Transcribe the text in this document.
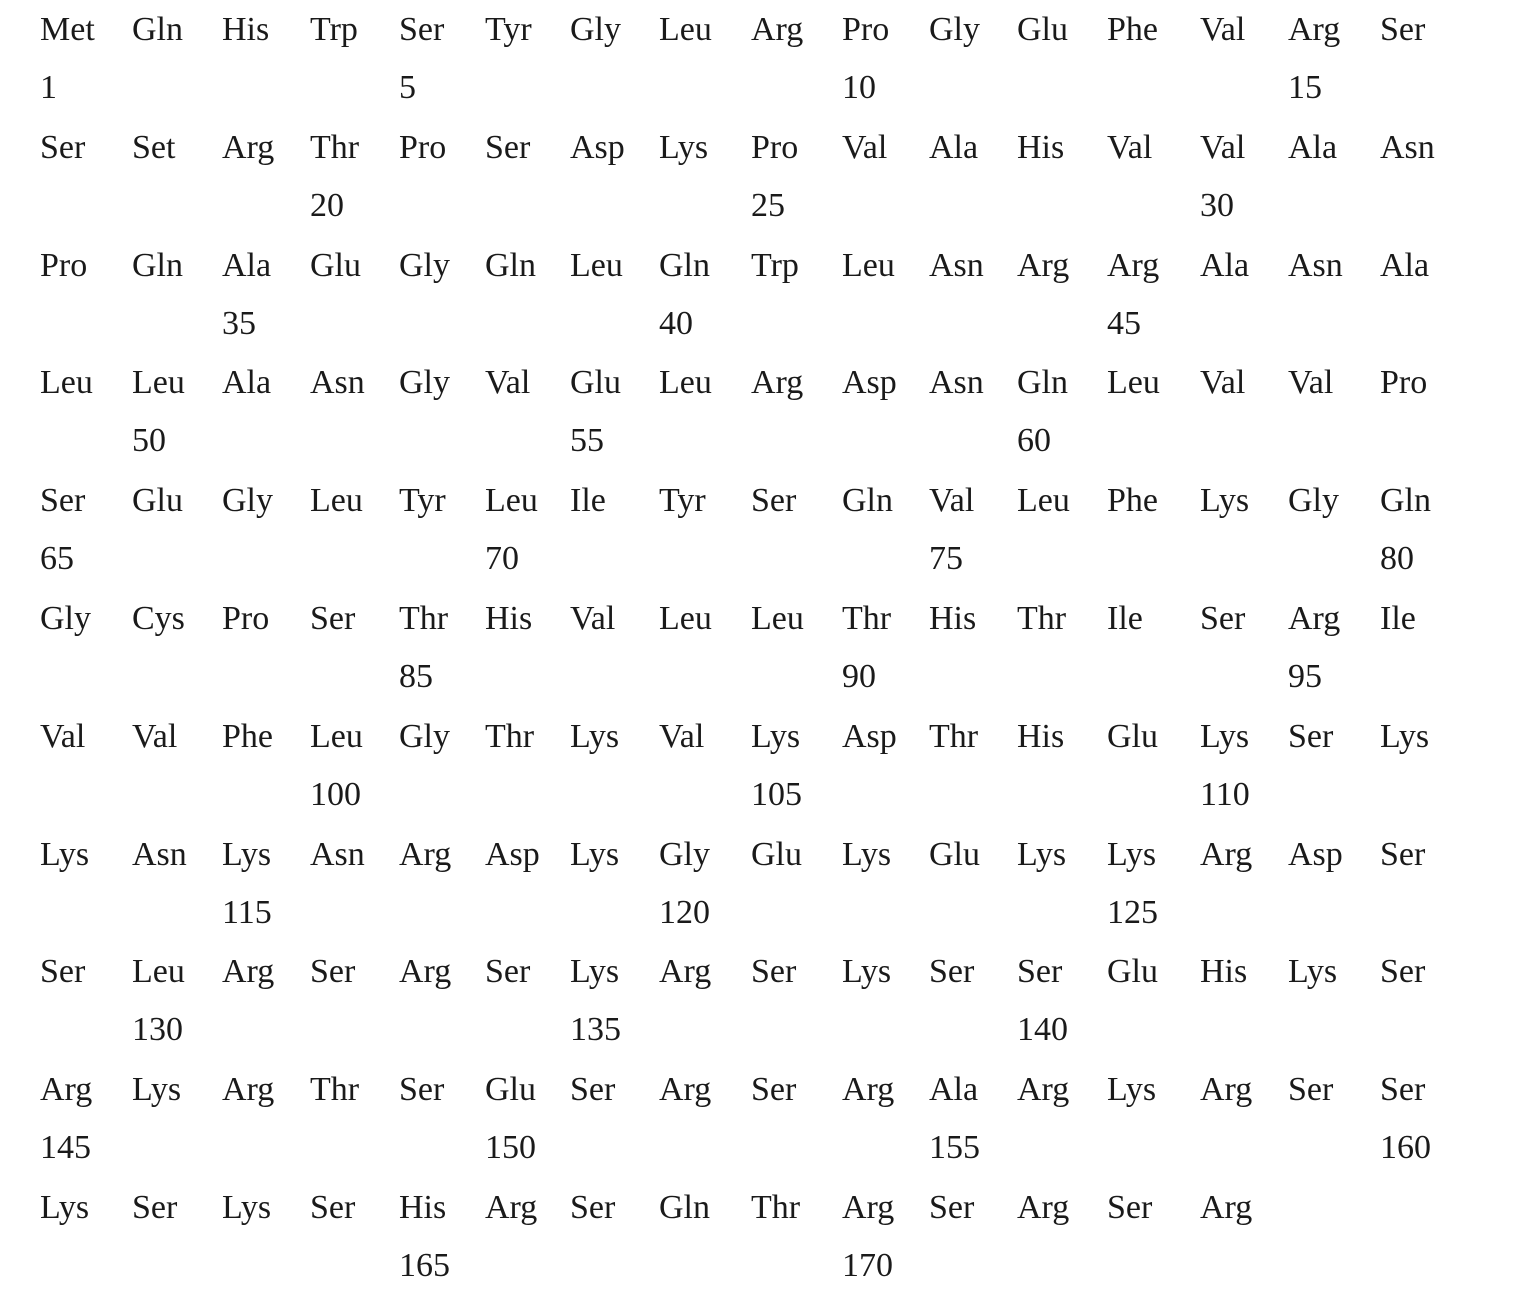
Met
1
Gln His Trp Ser
5
Tyr Gly Leu Arg Pro
10
Gly Glu Phe Val Arg
15
Ser
Ser Set Arg Thr
20
Pro Ser Asp Lys Pro
25
Val Ala His Val Val
30
Ala Asn
Pro Gln Ala
35
Glu Gly Gln Leu Gln
40
Trp Leu Asn Arg Arg
45
Ala Asn Ala
Leu Leu
50
Ala Asn Gly Val Glu
55
Leu Arg Asp Asn Gln
60
Leu Val Val Pro
Ser
65
Glu Gly Leu Tyr Leu
70
Ile Tyr Ser Gln Val
75
Leu Phe Lys Gly Gln
80
Gly Cys Pro Ser Thr
85
His Val Leu Leu Thr
90
His Thr Ile Ser Arg
95
Ile
Val Val Phe Leu
100
Gly Thr Lys Val Lys
105
Asp Thr His Glu Lys
110
Ser Lys
Lys Asn Lys
115
Asn Arg Asp Lys Gly
120
Glu Lys Glu Lys Lys
125
Arg Asp Ser
Ser Leu
130
Arg Ser Arg Ser Lys
135
Arg Ser Lys Ser Ser
140
Glu His Lys Ser
Arg
145
Lys Arg Thr Ser Glu
150
Ser Arg Ser Arg Ala
155
Arg Lys Arg Ser Ser
160
Lys Ser Lys Ser His
165
Arg Ser Gln Thr Arg
170
Ser Arg Ser Arg
